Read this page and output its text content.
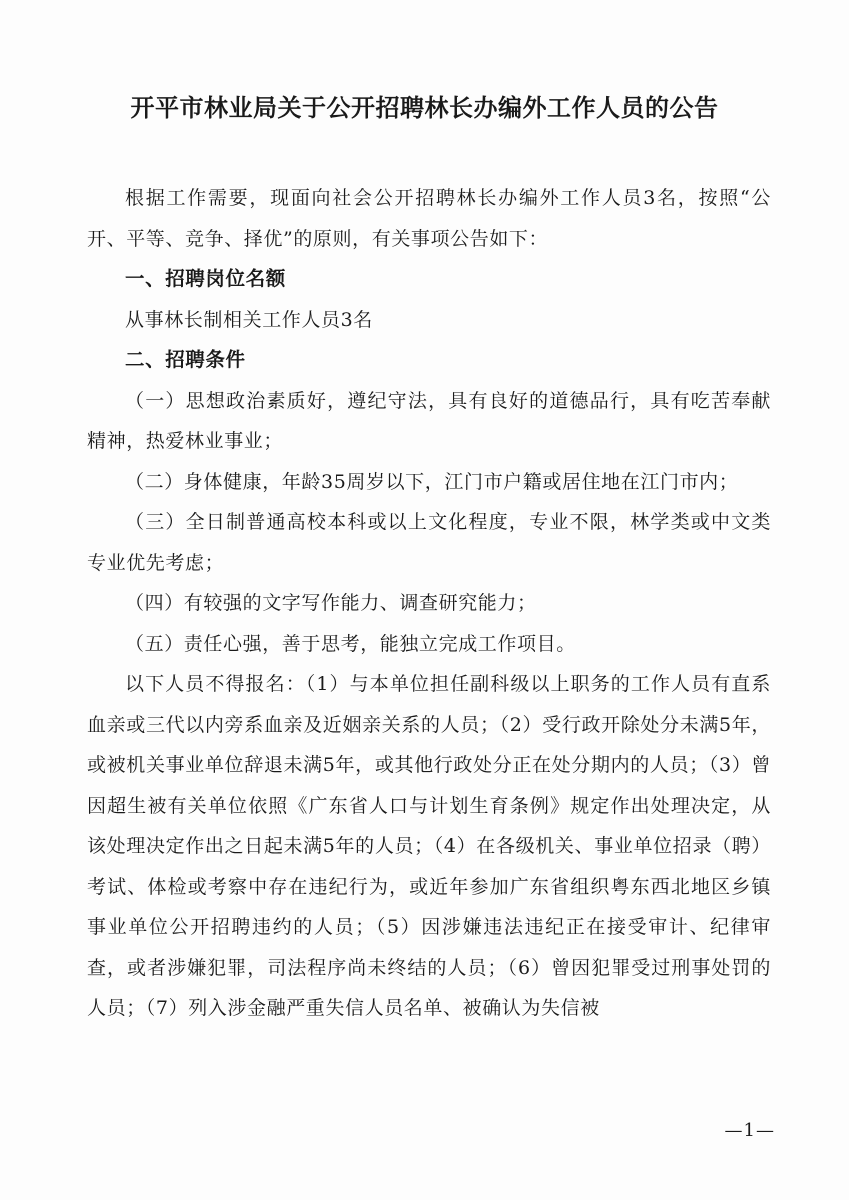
开平市林业局关于公开招聘林长办编外工作人员的公告

根据工作需要，现面向社会公开招聘林长办编外工作人员3名，按照“公开、平等、竞争、择优”的原则，有关事项公告如下：

一、招聘岗位名额

从事林长制相关工作人员3名

二、招聘条件

（一）思想政治素质好，遵纪守法，具有良好的道德品行，具有吃苦奉献精神，热爱林业事业；

（二）身体健康，年龄35周岁以下，江门市户籍或居住地在江门市内；

（三）全日制普通高校本科或以上文化程度，专业不限，林学类或中文类专业优先考虑；

（四）有较强的文字写作能力、调查研究能力；

（五）责任心强，善于思考，能独立完成工作项目。

以下人员不得报名：（1）与本单位担任副科级以上职务的工作人员有直系血亲或三代以内旁系血亲及近姻亲关系的人员；（2）受行政开除处分未满5年，或被机关事业单位辞退未满5年，或其他行政处分正在处分期内的人员；（3）曾因超生被有关单位依照《广东省人口与计划生育条例》规定作出处理决定，从该处理决定作出之日起未满5年的人员；（4）在各级机关、事业单位招录（聘）考试、体检或考察中存在违纪行为，或近年参加广东省组织粤东西北地区乡镇事业单位公开招聘违约的人员；（5）因涉嫌违法违纪正在接受审计、纪律审查，或者涉嫌犯罪，司法程序尚未终结的人员；（6）曾因犯罪受过刑事处罚的人员；（7）列入涉金融严重失信人员名单、被确认为失信被

—1—
